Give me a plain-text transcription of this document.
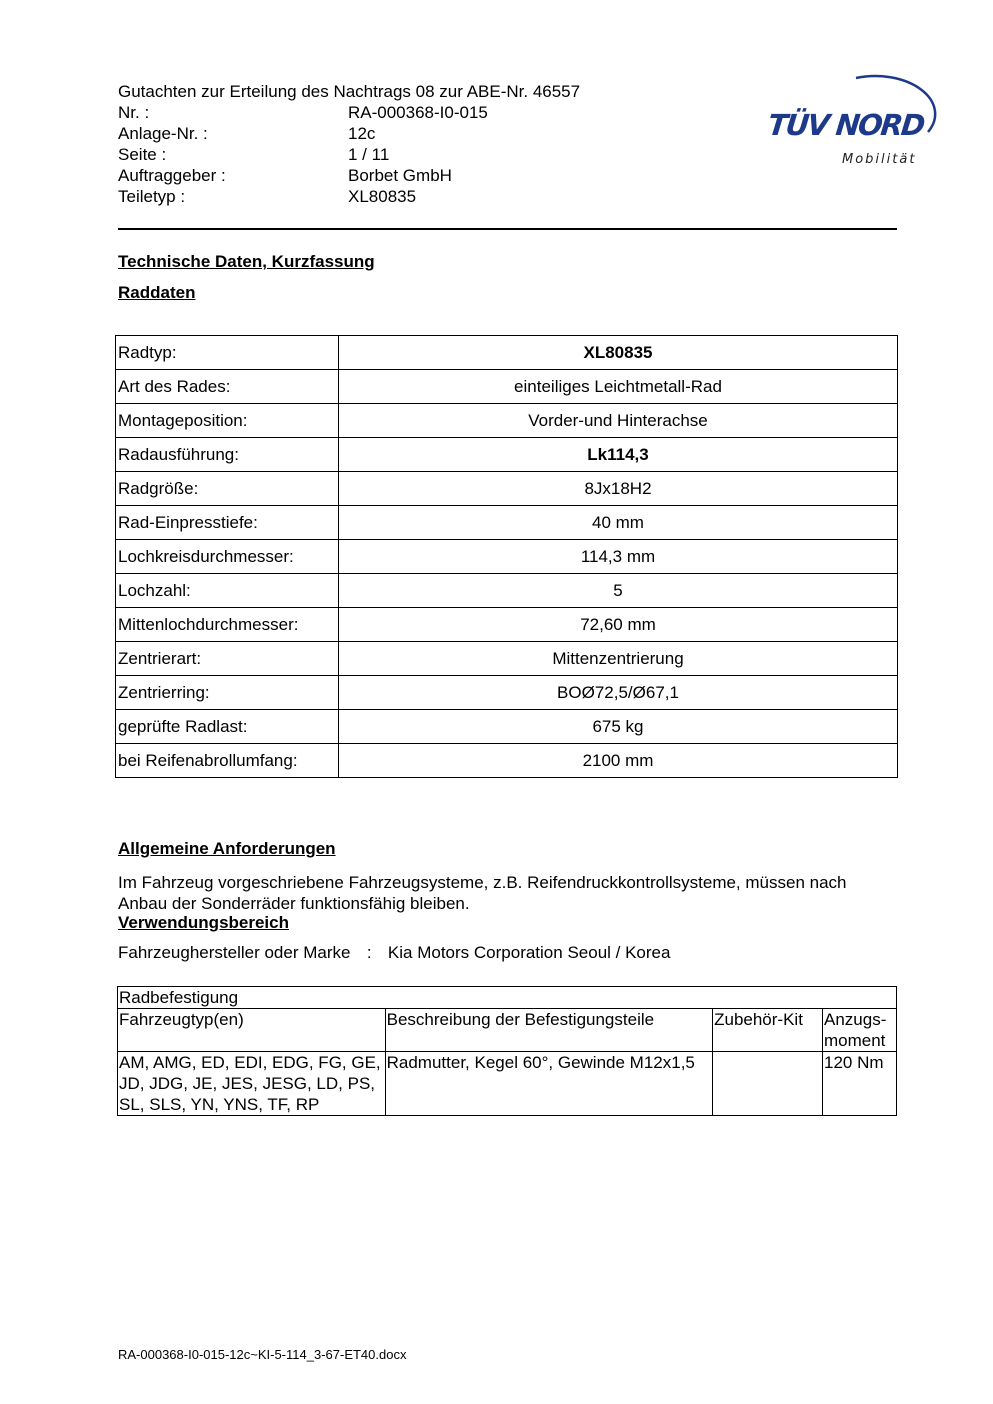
Gutachten zur Erteilung des Nachtrags 08 zur ABE-Nr. 46557
Nr. :	RA-000368-I0-015
Anlage-Nr. :	12c
Seite :	1 / 11
Auftraggeber :	Borbet GmbH
Teiletyp :	XL80835
TÜV NORD
Mobilität
Technische Daten, Kurzfassung
Raddaten
Radtyp:	XL80835
Art des Rades:	einteiliges Leichtmetall-Rad
Montageposition:	Vorder-und Hinterachse
Radausführung:	Lk114,3
Radgröße:	8Jx18H2
Rad-Einpresstiefe:	40 mm
Lochkreisdurchmesser:	114,3 mm
Lochzahl:	5
Mittenlochdurchmesser:	72,60 mm
Zentrierart:	Mittenzentrierung
Zentrierring:	BOØ72,5/Ø67,1
geprüfte Radlast:	675 kg
bei Reifenabrollumfang:	2100 mm
Allgemeine Anforderungen

Im Fahrzeug vorgeschriebene Fahrzeugsysteme, z.B. Reifendruckkontrollsysteme, müssen nach Anbau der Sonderräder funktionsfähig bleiben.

Verwendungsbereich
Fahrzeughersteller oder Marke : Kia Motors Corporation Seoul / Korea
Radbefestigung			
Fahrzeugtyp(en)	Beschreibung der Befestigungsteile	Zubehör-Kit	Anzugs-moment
AM, AMG, ED, EDI, EDG, FG, GE, JD, JDG, JE, JES, JESG, LD, PS, SL, SLS, YN, YNS, TF, RP	Radmutter, Kegel 60°, Gewinde M12x1,5		120 Nm
RA-000368-I0-015-12c~KI-5-114_3-67-ET40.docx
